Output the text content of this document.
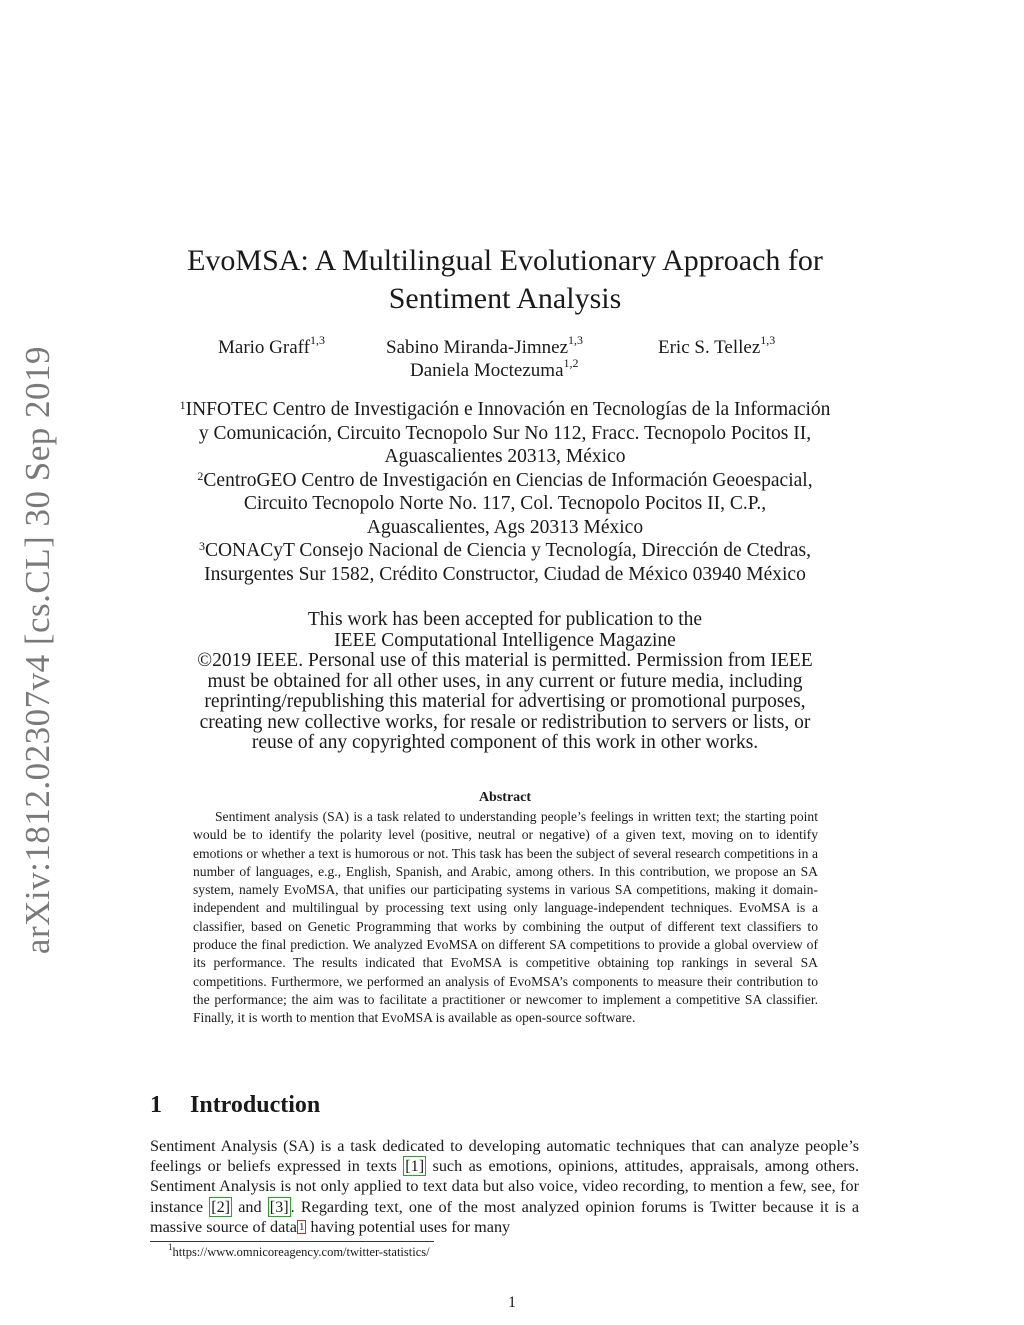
arXiv:1812.02307v4 [cs.CL] 30 Sep 2019
EvoMSA: A Multilingual Evolutionary Approach for
Sentiment Analysis
Mario Graff$^{1,3}$	Sabino Miranda-Jimnez$^{1,3}$	Eric S. Tellez$^{1,3}$
Daniela Moctezuma$^{1,2}$
$^1$INFOTEC Centro de Investigación e Innovación en Tecnologías de la Información
y Comunicación, Circuito Tecnopolo Sur No 112, Fracc. Tecnopolo Pocitos II,
Aguascalientes 20313, México
$^2$CentroGEO Centro de Investigación en Ciencias de Información Geoespacial,
Circuito Tecnopolo Norte No. 117, Col. Tecnopolo Pocitos II, C.P.,
Aguascalientes, Ags 20313 México
$^3$CONACyT Consejo Nacional de Ciencia y Tecnología, Dirección de Ctedras,
Insurgentes Sur 1582, Crédito Constructor, Ciudad de México 03940 México
This work has been accepted for publication to the
IEEE Computational Intelligence Magazine
©2019 IEEE. Personal use of this material is permitted. Permission from IEEE
must be obtained for all other uses, in any current or future media, including
reprinting/republishing this material for advertising or promotional purposes,
creating new collective works, for resale or redistribution to servers or lists, or
reuse of any copyrighted component of this work in other works.
Abstract
Sentiment analysis (SA) is a task related to understanding people’s feelings in written text; the starting point would be to identify the polarity level (positive, neutral or negative) of a given text, moving on to identify emotions or whether a text is humorous or not. This task has been the subject of several research competitions in a number of languages, e.g., English, Spanish, and Arabic, among others. In this contribution, we propose an SA system, namely EvoMSA, that unifies our participating systems in various SA competitions, making it domain-independent and multilingual by processing text using only language-independent techniques. EvoMSA is a classifier, based on Genetic Programming that works by combining the output of different text classifiers to produce the final prediction. We analyzed EvoMSA on different SA competitions to provide a global overview of its performance. The results indicated that EvoMSA is competitive obtaining top rankings in several SA competitions. Furthermore, we performed an analysis of EvoMSA’s components to measure their contribution to the performance; the aim was to facilitate a practitioner or newcomer to implement a competitive SA classifier. Finally, it is worth to mention that EvoMSA is available as open-source software.
1 Introduction
Sentiment Analysis (SA) is a task dedicated to developing automatic techniques that can analyze people’s feelings or beliefs expressed in texts [1] such as emotions, opinions, attitudes, appraisals, among others. Sentiment Analysis is not only applied to text data but also voice, video recording, to mention a few, see, for instance [2] and [3] . Regarding text, one of the most analyzed opinion forums is Twitter because it is a massive source of data $^1$ having potential uses for many
$^1$https://www.omnicoreagency.com/twitter-statistics/
1
